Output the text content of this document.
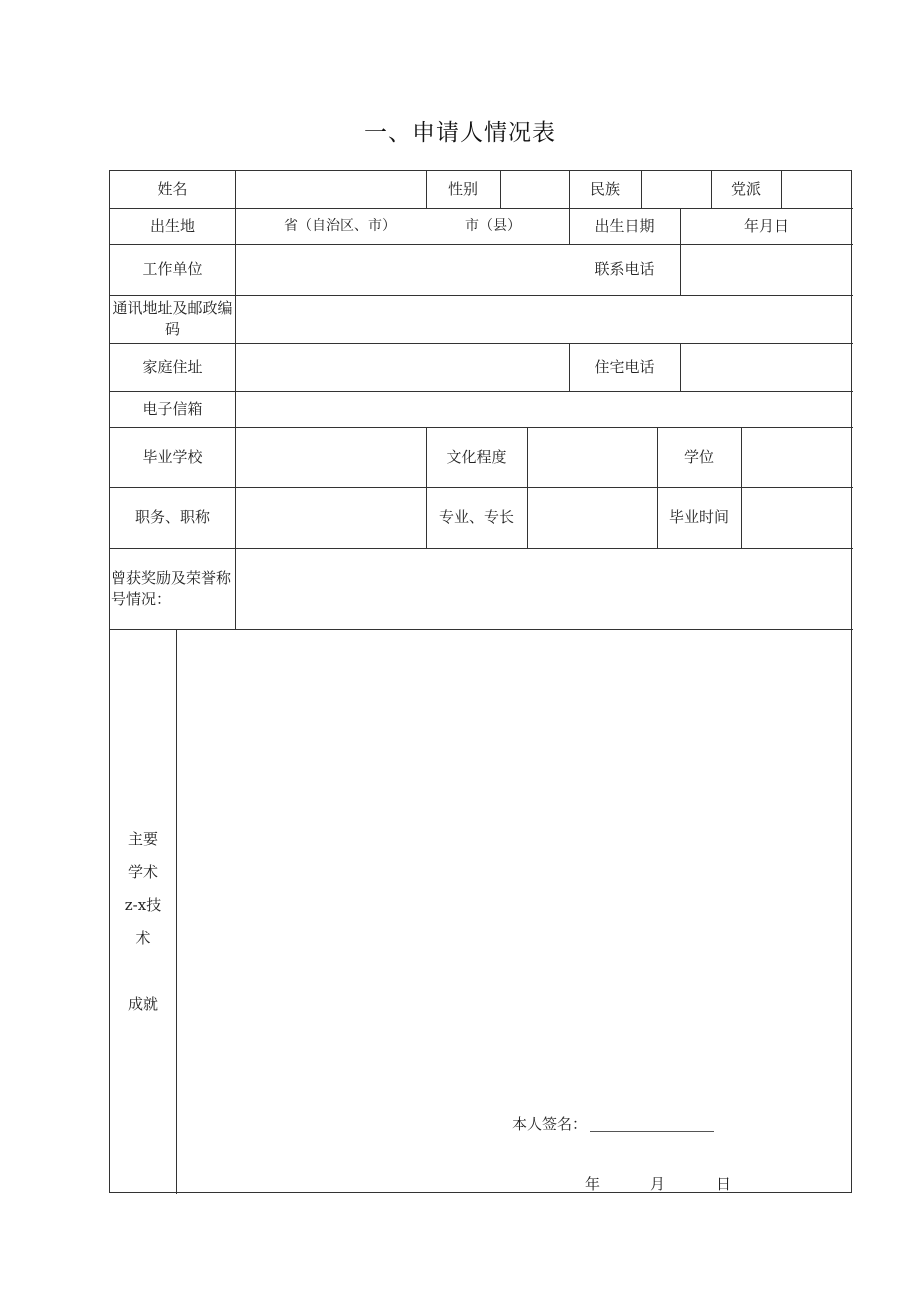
一、申请人情况表
姓名	性别	民族	党派
出生地	省（自治区、市）	市（县）	出生日期	年月日
工作单位	联系电话
通讯地址及邮政编
码
家庭住址	住宅电话
电子信箱
毕业学校	文化程度	学位
职务、职称	专业、专长	毕业时间
曾获奖励及荣誉称
号情况：
主要
学术
z-x技
术
成就
本人签名：
年	月	日
